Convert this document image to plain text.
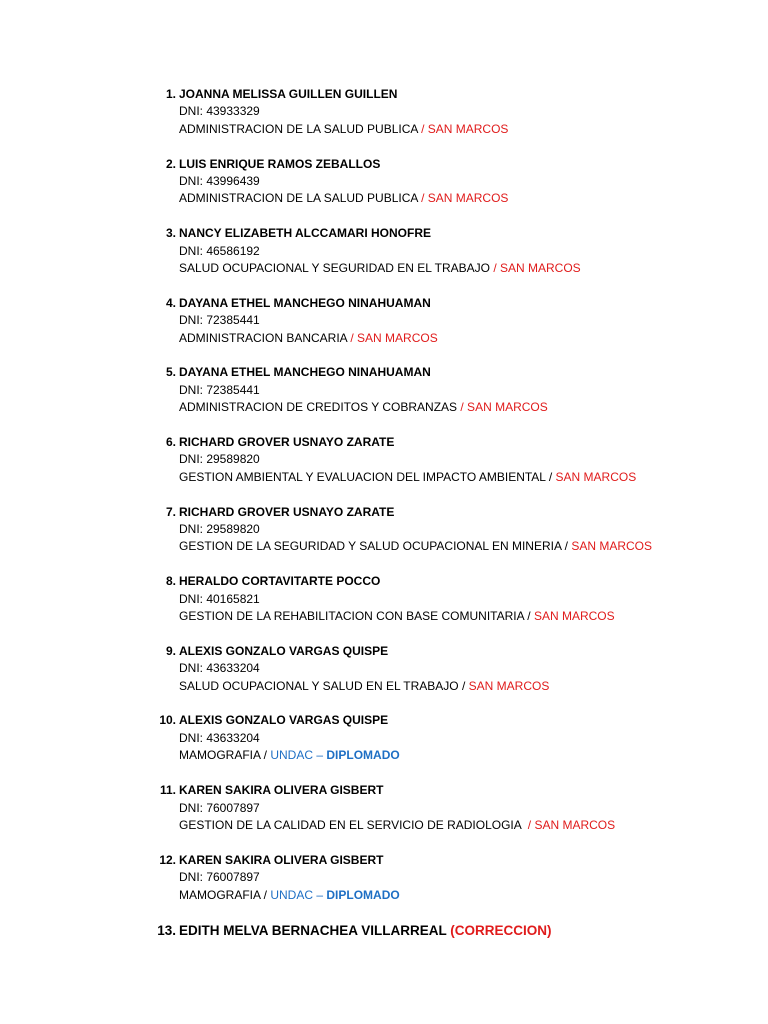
1. JOANNA MELISSA GUILLEN GUILLEN
DNI: 43933329
ADMINISTRACION DE LA SALUD PUBLICA / SAN MARCOS
2. LUIS ENRIQUE RAMOS ZEBALLOS
DNI: 43996439
ADMINISTRACION DE LA SALUD PUBLICA / SAN MARCOS
3. NANCY ELIZABETH ALCCAMARI HONOFRE
DNI: 46586192
SALUD OCUPACIONAL Y SEGURIDAD EN EL TRABAJO / SAN MARCOS
4. DAYANA ETHEL MANCHEGO NINAHUAMAN
DNI: 72385441
ADMINISTRACION BANCARIA / SAN MARCOS
5. DAYANA ETHEL MANCHEGO NINAHUAMAN
DNI: 72385441
ADMINISTRACION DE CREDITOS Y COBRANZAS / SAN MARCOS
6. RICHARD GROVER USNAYO ZARATE
DNI: 29589820
GESTION AMBIENTAL Y EVALUACION DEL IMPACTO AMBIENTAL / SAN MARCOS
7. RICHARD GROVER USNAYO ZARATE
DNI: 29589820
GESTION DE LA SEGURIDAD Y SALUD OCUPACIONAL EN MINERIA / SAN MARCOS
8. HERALDO CORTAVITARTE POCCO
DNI: 40165821
GESTION DE LA REHABILITACION CON BASE COMUNITARIA / SAN MARCOS
9. ALEXIS GONZALO VARGAS QUISPE
DNI: 43633204
SALUD OCUPACIONAL Y SALUD EN EL TRABAJO / SAN MARCOS
10. ALEXIS GONZALO VARGAS QUISPE
DNI: 43633204
MAMOGRAFIA / UNDAC – DIPLOMADO
11. KAREN SAKIRA OLIVERA GISBERT
DNI: 76007897
GESTION DE LA CALIDAD EN EL SERVICIO DE RADIOLOGIA  / SAN MARCOS
12. KAREN SAKIRA OLIVERA GISBERT
DNI: 76007897
MAMOGRAFIA / UNDAC – DIPLOMADO
13. EDITH MELVA BERNACHEA VILLARREAL (CORRECCION)
